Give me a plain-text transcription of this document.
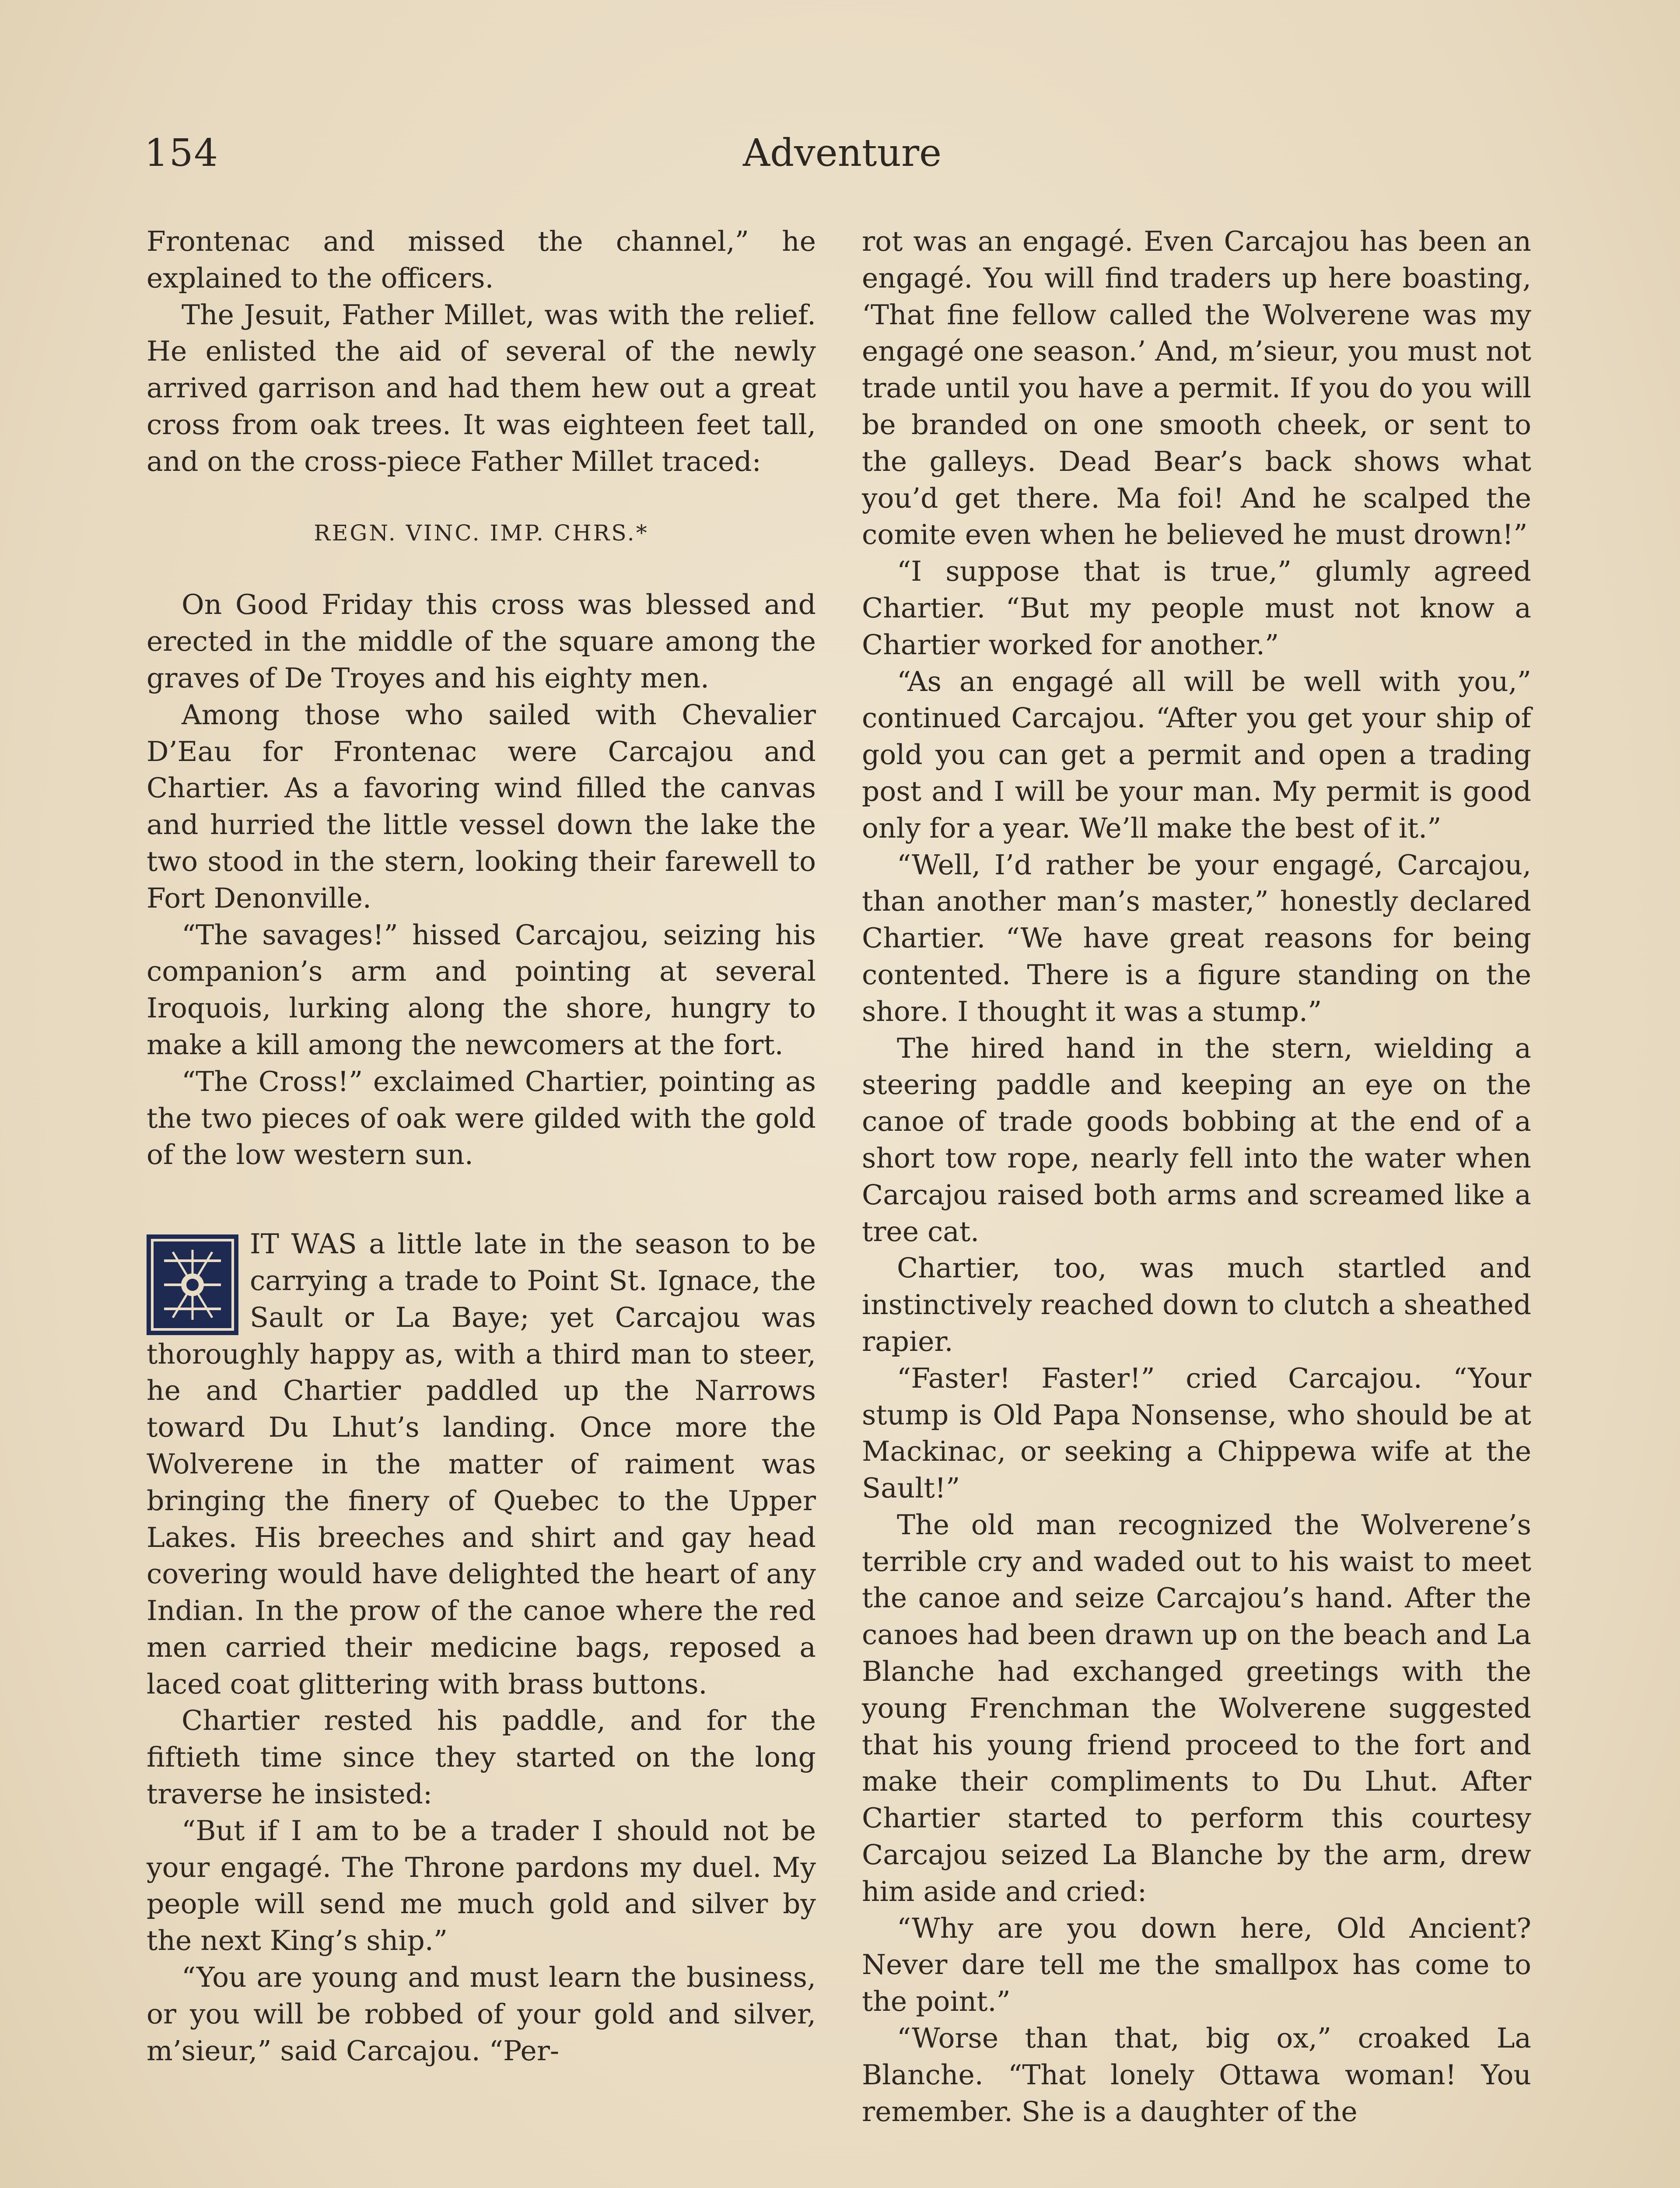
154	Adventure

Frontenac and missed the channel,” he explained to the officers.

The Jesuit, Father Millet, was with the relief. He enlisted the aid of several of the newly arrived garrison and had them hew out a great cross from oak trees. It was eighteen feet tall, and on the cross-piece Father Millet traced:

REGN. VINC. IMP. CHRS.*

On Good Friday this cross was blessed and erected in the middle of the square among the graves of De Troyes and his eighty men.

Among those who sailed with Chevalier D’Eau for Frontenac were Carcajou and Chartier. As a favoring wind filled the canvas and hurried the little vessel down the lake the two stood in the stern, looking their farewell to Fort Denonville.

“The savages!” hissed Carcajou, seizing his companion’s arm and pointing at several Iroquois, lurking along the shore, hungry to make a kill among the newcomers at the fort.

“The Cross!” exclaimed Chartier, pointing as the two pieces of oak were gilded with the gold of the low western sun.

IT WAS a little late in the season to be carrying a trade to Point St. Ignace, the Sault or La Baye; yet Carcajou was thoroughly happy as, with a third man to steer, he and Chartier paddled up the Narrows toward Du Lhut’s landing. Once more the Wolverene in the matter of raiment was bringing the finery of Quebec to the Upper Lakes. His breeches and shirt and gay head covering would have delighted the heart of any Indian. In the prow of the canoe where the red men carried their medicine bags, reposed a laced coat glittering with brass buttons.

Chartier rested his paddle, and for the fiftieth time since they started on the long traverse he insisted:

“But if I am to be a trader I should not be your engagé. The Throne pardons my duel. My people will send me much gold and silver by the next King’s ship.”

“You are young and must learn the business, or you will be robbed of your gold and silver, m’sieur,” said Carcajou. “Per-

rot was an engagé. Even Carcajou has been an engagé. You will find traders up here boasting, ‘That fine fellow called the Wolverene was my engagé one season.’ And, m’sieur, you must not trade until you have a permit. If you do you will be branded on one smooth cheek, or sent to the galleys. Dead Bear’s back shows what you’d get there. Ma foi! And he scalped the comite even when he believed he must drown!”

“I suppose that is true,” glumly agreed Chartier. “But my people must not know a Chartier worked for another.”

“As an engagé all will be well with you,” continued Carcajou. “After you get your ship of gold you can get a permit and open a trading post and I will be your man. My permit is good only for a year. We’ll make the best of it.”

“Well, I’d rather be your engagé, Carcajou, than another man’s master,” honestly declared Chartier. “We have great reasons for being contented. There is a figure standing on the shore. I thought it was a stump.”

The hired hand in the stern, wielding a steering paddle and keeping an eye on the canoe of trade goods bobbing at the end of a short tow rope, nearly fell into the water when Carcajou raised both arms and screamed like a tree cat.

Chartier, too, was much startled and instinctively reached down to clutch a sheathed rapier.

“Faster! Faster!” cried Carcajou. “Your stump is Old Papa Nonsense, who should be at Mackinac, or seeking a Chippewa wife at the Sault!”

The old man recognized the Wolverene’s terrible cry and waded out to his waist to meet the canoe and seize Carcajou’s hand. After the canoes had been drawn up on the beach and La Blanche had exchanged greetings with the young Frenchman the Wolverene suggested that his young friend proceed to the fort and make their compliments to Du Lhut. After Chartier started to perform this courtesy Carcajou seized La Blanche by the arm, drew him aside and cried:

“Why are you down here, Old Ancient? Never dare tell me the smallpox has come to the point.”

“Worse than that, big ox,” croaked La Blanche. “That lonely Ottawa woman! You remember. She is a daughter of the
